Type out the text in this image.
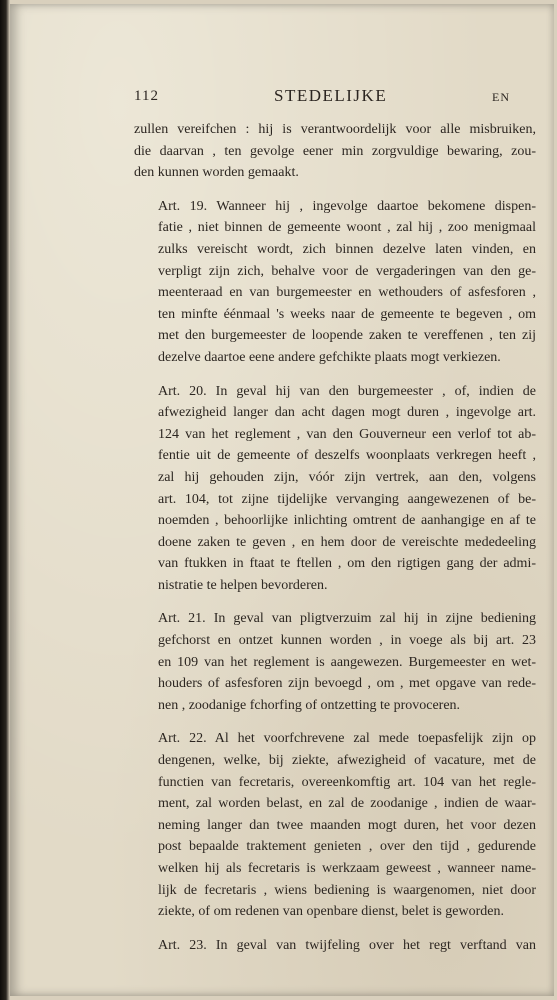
112	STEDELIJKE	EN

zullen vereifchen : hij is verantwoordelijk voor alle misbruiken,
die daarvan , ten gevolge eener min zorgvuldige bewaring, zou-
den kunnen worden gemaakt.

Art. 19. Wanneer hij , ingevolge daartoe bekomene dispen-
fatie , niet binnen de gemeente woont , zal hij , zoo menigmaal
zulks vereischt wordt, zich binnen dezelve laten vinden, en
verpligt zijn zich, behalve voor de vergaderingen van den ge-
meenteraad en van burgemeester en wethouders of asfesforen ,
ten minfte éénmaal 's weeks naar de gemeente te begeven , om
met den burgemeester de loopende zaken te vereffenen , ten zij
dezelve daartoe eene andere gefchikte plaats mogt verkiezen.

Art. 20. In geval hij van den burgemeester , of, indien de
afwezigheid langer dan acht dagen mogt duren , ingevolge art.
124 van het reglement , van den Gouverneur een verlof tot ab-
fentie uit de gemeente of deszelfs woonplaats verkregen heeft ,
zal hij gehouden zijn, vóór zijn vertrek, aan den, volgens
art. 104, tot zijne tijdelijke vervanging aangewezenen of be-
noemden , behoorlijke inlichting omtrent de aanhangige en af te
doene zaken te geven , en hem door de vereischte mededeeling
van ftukken in ftaat te ftellen , om den rigtigen gang der admi-
nistratie te helpen bevorderen.

Art. 21. In geval van pligtverzuim zal hij in zijne bediening
gefchorst en ontzet kunnen worden , in voege als bij art. 23
en 109 van het reglement is aangewezen. Burgemeester en wet-
houders of asfesforen zijn bevoegd , om , met opgave van rede-
nen , zoodanige fchorfing of ontzetting te provoceren.

Art. 22. Al het voorfchrevene zal mede toepasfelijk zijn op
dengenen, welke, bij ziekte, afwezigheid of vacature, met de
functien van fecretaris, overeenkomftig art. 104 van het regle-
ment, zal worden belast, en zal de zoodanige , indien de waar-
neming langer dan twee maanden mogt duren, het voor dezen
post bepaalde traktement genieten , over den tijd , gedurende
welken hij als fecretaris is werkzaam geweest , wanneer name-
lijk de fecretaris , wiens bediening is waargenomen, niet door
ziekte, of om redenen van openbare dienst, belet is geworden.

Art. 23. In geval van twijfeling over het regt verftand van
